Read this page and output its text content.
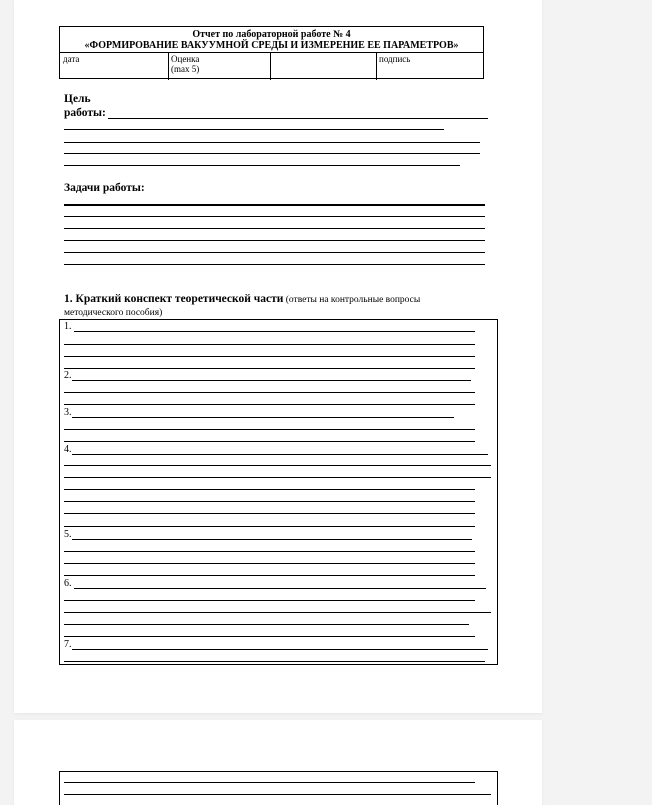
Отчет по лабораторной работе № 4
«ФОРМИРОВАНИЕ ВАКУУМНОЙ СРЕДЫ И ИЗМЕРЕНИЕ ЕЕ ПАРАМЕТРОВ»
дата	Оценка
(max 5)
подпись
Цель
работы:
Задачи работы:
1. Краткий конспект теоретической части (ответы на контрольные вопросы
методического пособия)
1.
2.
3.
4.
5.
6.
7.
